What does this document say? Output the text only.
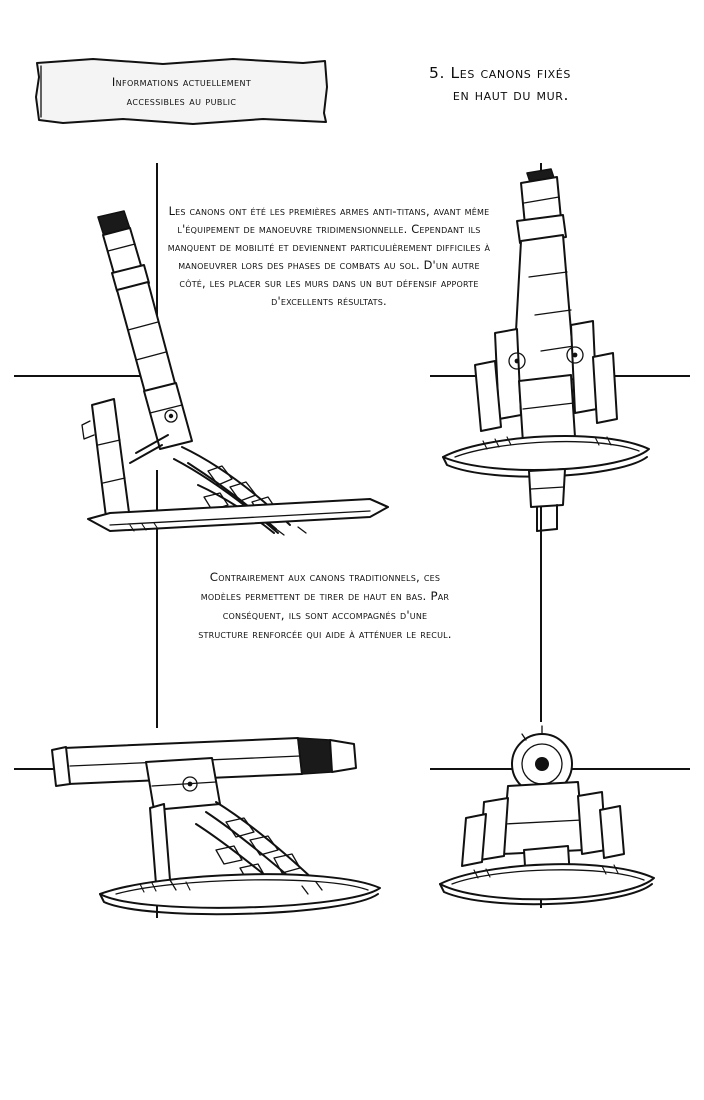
Informations actuellement
accessibles au public
5. Les canons fixés
en haut du mur.
Les canons ont été les premières armes anti-titans, avant même l'équipement de manoeuvre tridimensionnelle. Cependant ils manquent de mobilité et deviennent particulièrement difficiles à manoeuvrer lors des phases de combats au sol. D'un autre côté, les placer sur les murs dans un but défensif apporte d'excellents résultats.
Contrairement aux canons traditionnels, ces modèles permettent de tirer de haut en bas. Par conséquent, ils sont accompagnés d'une structure renforcée qui aide à atténuer le recul.
